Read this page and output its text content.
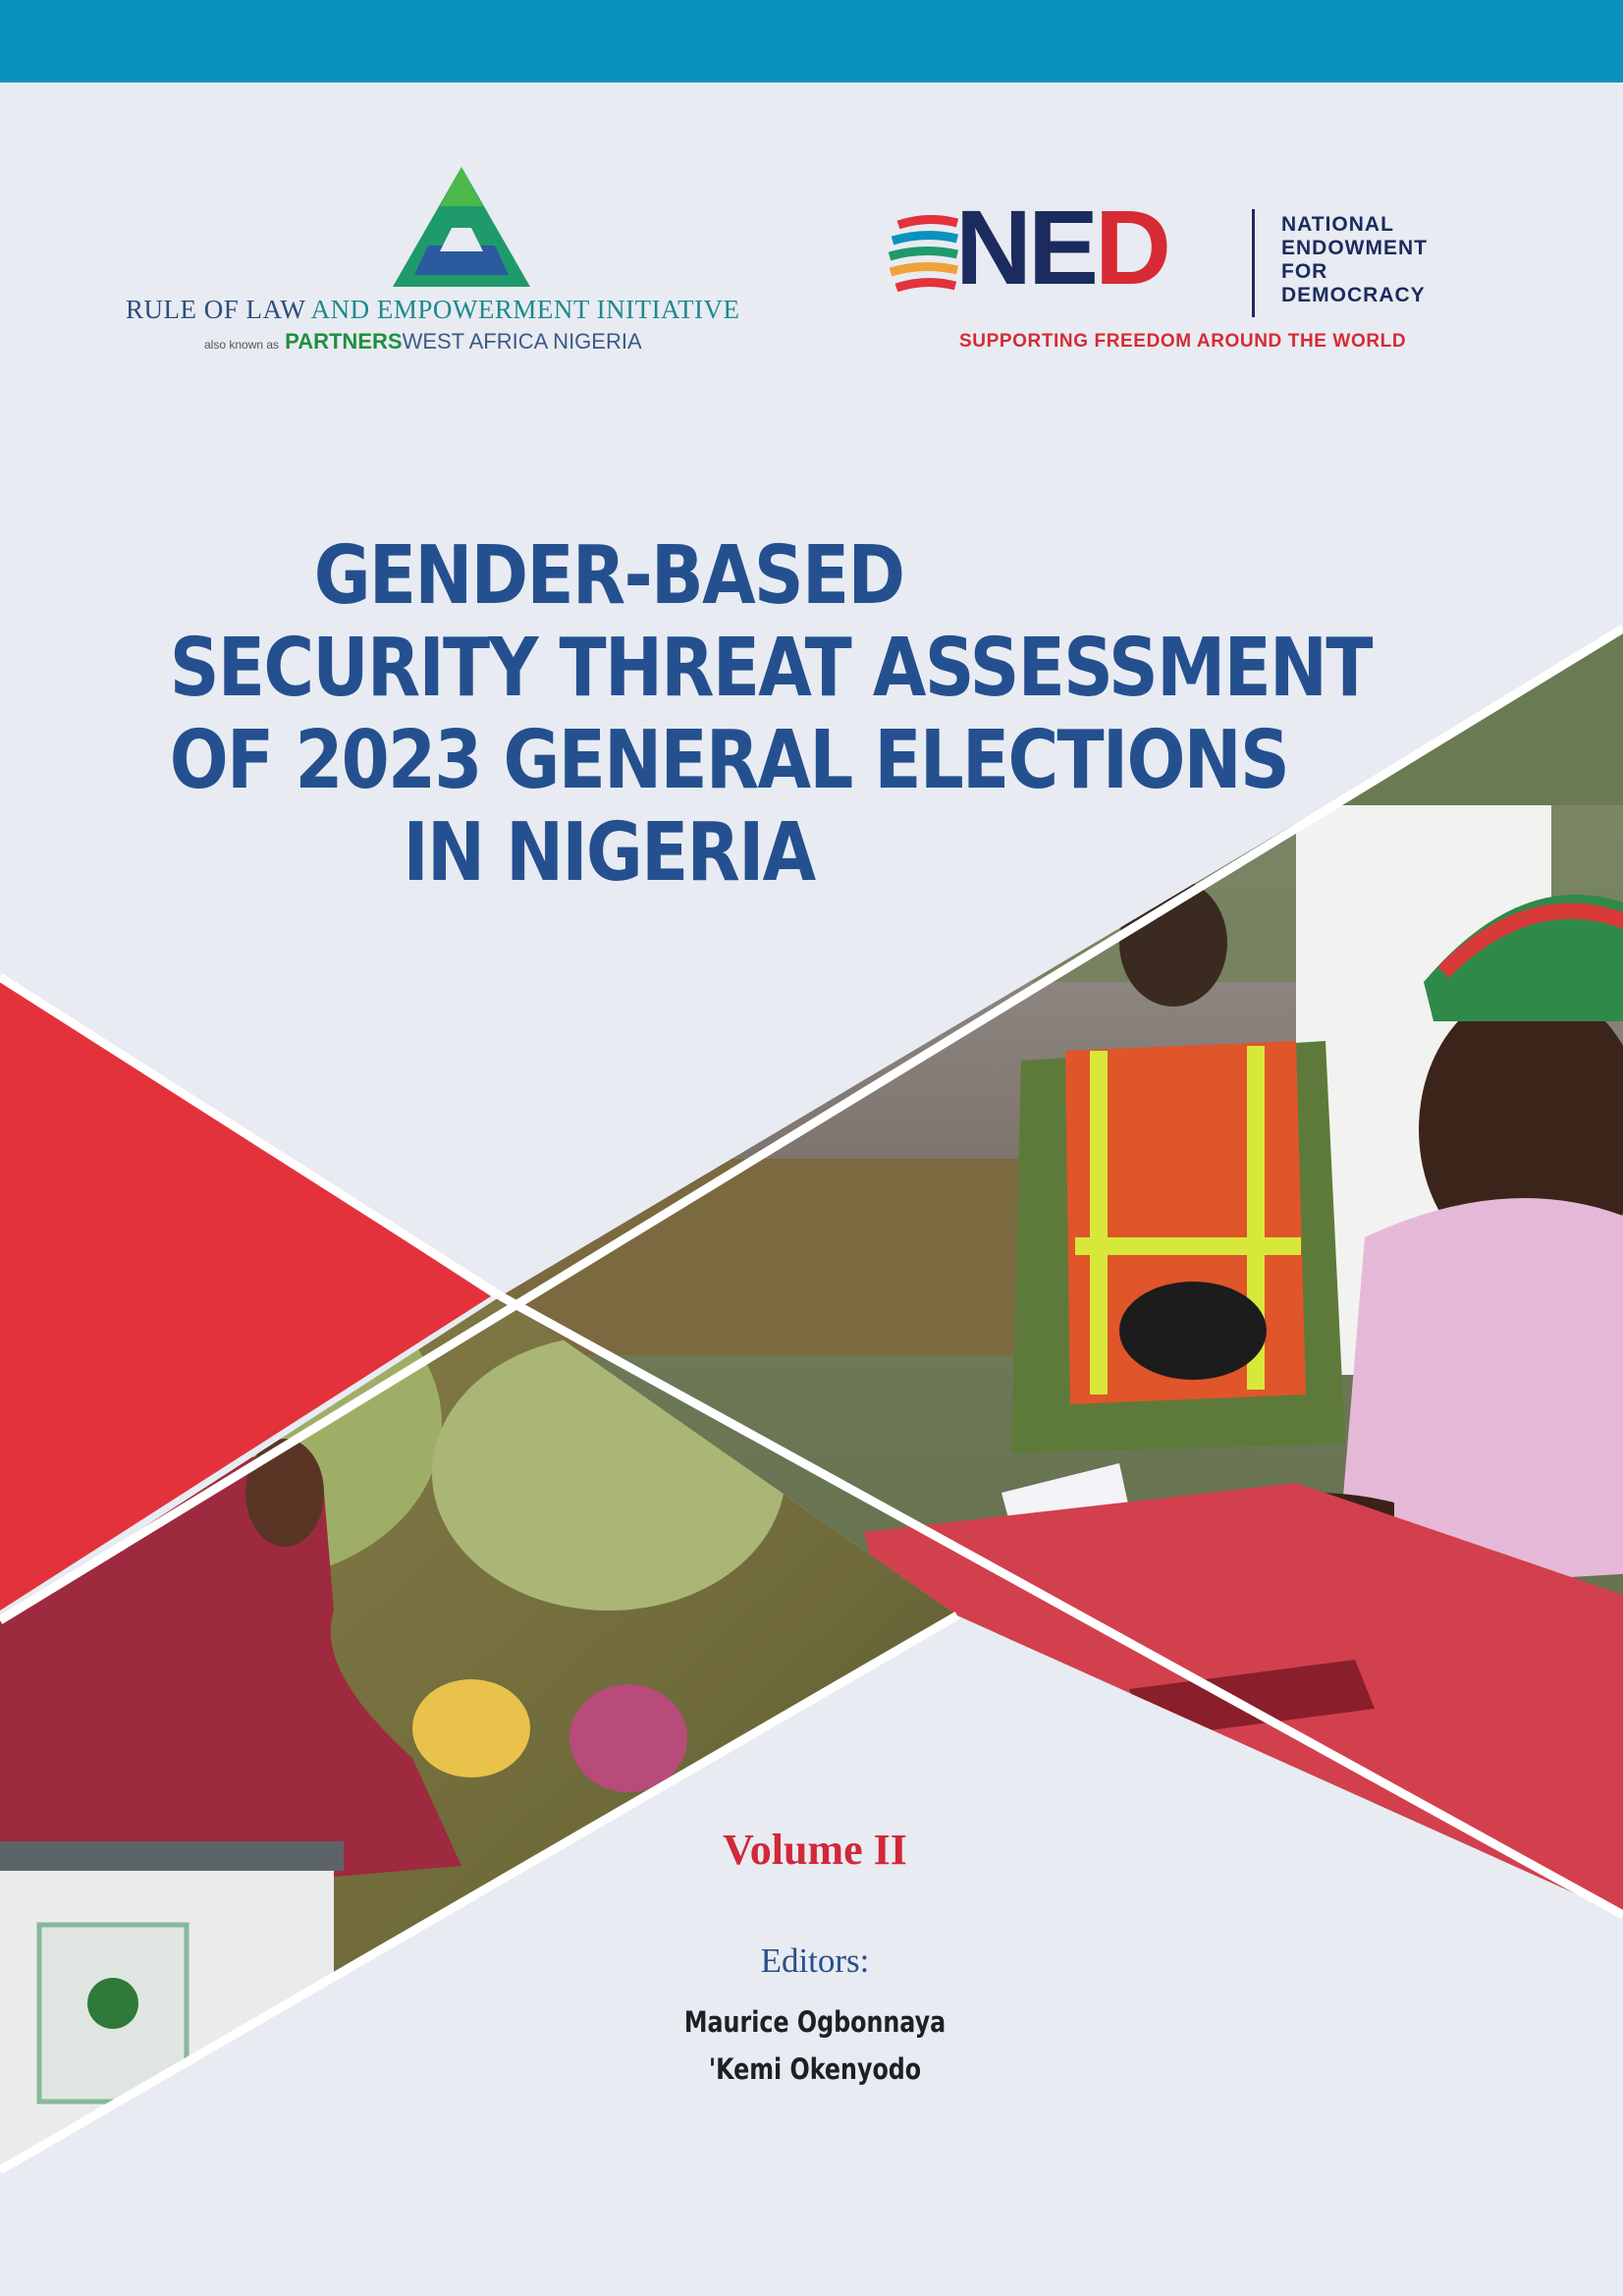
RULE OF LAW AND EMPOWERMENT INITIATIVE
also known as PARTNERSWEST AFRICA NIGERIA
NED	NATIONAL
ENDOWMENT
FOR
DEMOCRACY
SUPPORTING FREEDOM AROUND THE WORLD
GENDER-BASED
SECURITY THREAT ASSESSMENT
OF 2023 GENERAL ELECTIONS
IN NIGERIA
Volume II
Editors:
Maurice Ogbonnaya
'Kemi Okenyodo
